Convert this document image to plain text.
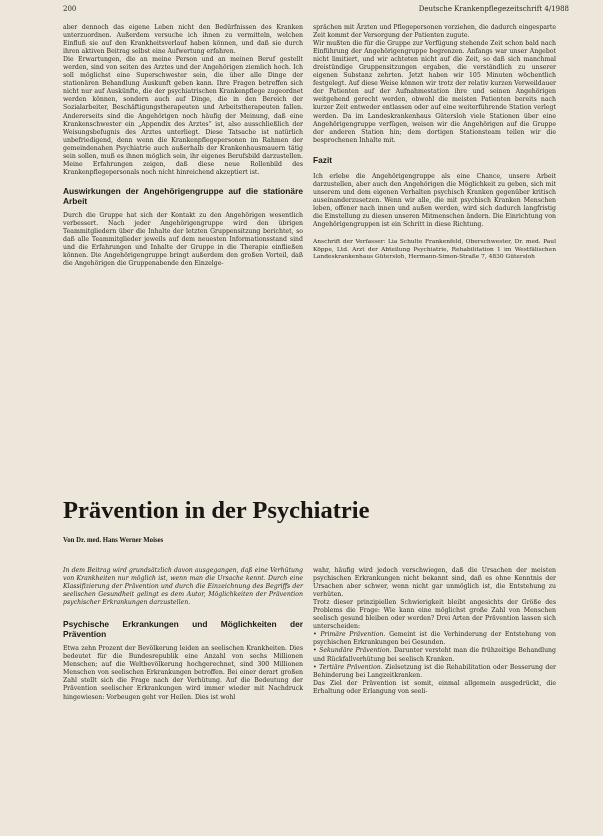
200	Deutsche Krankenpflegezeitschrift 4/1988

aber dennoch das eigene Leben nicht den Bedürfnissen des Kranken unterzuordnen. Außerdem versuche ich ihnen zu vermitteln, welchen Einfluß sie auf den Krankheitsverlauf haben können, und daß sie durch ihren aktiven Beitrag selbst eine Aufwertung erfahren.

Die Erwartungen, die an meine Person und an meinen Beruf gestellt werden, sind von seiten des Arztes und der Angehörigen ziemlich hoch. Ich soll möglichst eine Superschwester sein, die über alle Dinge der stationären Behandlung Auskunft geben kann. Ihre Fragen betreffen sich nicht nur auf Auskünfte, die der psychiatrischen Krankenpflege zugeordnet werden können, sondern auch auf Dinge, die in den Bereich der Sozialarbeiter, Beschäftigungstherapeuten und Arbeitstherapeuten fallen. Andererseits sind die Angehörigen noch häufig der Meinung, daß eine Krankenschwester ein „Appendix des Arztes“ ist, also ausschließlich der Weisungsbefugnis des Arztes unterliegt. Diese Tatsache ist natürlich unbefriedigend, denn wenn die Krankenpflegepersonen im Rahmen der gemeindenahen Psychiatrie auch außerhalb der Krankenhausmauern tätig sein sollen, muß es ihnen möglich sein, ihr eigenes Berufsbild darzustellen. Meine Erfahrungen zeigen, daß diese neue Rollenbild des Krankenpflegepersonals noch nicht hinreichend akzeptiert ist.

Auswirkungen der Angehörigengruppe auf die stationäre Arbeit

Durch die Gruppe hat sich der Kontakt zu den Angehörigen wesentlich verbessert. Nach jeder Angehörigengruppe wird den übrigen Teammitgliedern über die Inhalte der letzten Gruppensitzung berichtet, so daß alle Teammitglieder jeweils auf dem neuesten Informationsstand sind und die Erfahrungen und Inhalte der Gruppe in die Therapie einfließen können. Die Angehörigengruppe bringt außerdem den großen Vorteil, daß die Angehörigen die Gruppenabende den Einzelge-

sprächen mit Ärzten und Pflegepersonen vorziehen, die dadurch eingesparte Zeit kommt der Versorgung der Patienten zugute.

Wir mußten die für die Gruppe zur Verfügung stehende Zeit schon bald nach Einführung der Angehörigengruppe begrenzen. Anfangs war unser Angebot nicht limitiert, und wir achteten nicht auf die Zeit, so daß sich manchmal dreistündige Gruppensitzungen ergaben, die verständlich zu unserer eigenen Substanz zehrten. Jetzt haben wir 105 Minuten wöchentlich festgelegt. Auf diese Weise können wir trotz der relativ kurzen Verweildauer der Patienten auf der Aufnahmestation ihre und seinen Angehörigen weitgehend gerecht werden, obwohl die meisten Patienten bereits nach kurzer Zeit entweder entlassen oder auf eine weiterführende Station verlegt werden. Da im Landeskrankenhaus Gütersloh viele Stationen über eine Angehörigengruppe verfügen, weisen wir die Angehörigen auf die Gruppe der anderen Station hin; dem dortigen Stationsteam teilen wir die besprochenen Inhalte mit.

Fazit

Ich erlebe die Angehörigengruppe als eine Chance, unsere Arbeit darzustellen, aber auch den Angehörigen die Möglichkeit zu geben, sich mit unserem und dem eigenen Verhalten psychisch Kranken gegenüber kritisch auseinanderzusetzen. Wenn wir alle, die mit psychisch Kranken Menschen leben, offener nach innen und außen werden, wird sich dadurch langfristig die Einstellung zu diesen unseren Mitmenschen ändern. Die Einrichtung von Angehörigengruppen ist ein Schritt in diese Richtung.

Anschrift der Verfasser: Lia Schulte Frankenfeld, Oberschwester, Dr. med. Paul Köppe, Ltd. Arzt der Abteilung Psychiatrie, Rehabilitation 1 im Westfälischen Landeskrankenhaus Gütersloh, Hermann-Simon-Straße 7, 4830 Gütersloh

Prävention in der Psychiatrie
Von Dr. med. Hans Werner Moises

In dem Beitrag wird grundsätzlich davon ausgegangen, daß eine Verhütung von Krankheiten nur möglich ist, wenn man die Ursache kennt. Durch eine Klassifizierung der Prävention und durch die Einzeichnung des Begriffs der seelischen Gesundheit gelingt es dem Autor, Möglichkeiten der Prävention psychischer Erkrankungen darzustellen.

Psychische Erkrankungen und Möglichkeiten der Prävention

Etwa zehn Prozent der Bevölkerung leiden an seelischen Krankheiten. Dies bedeutet für die Bundesrepublik eine Anzahl von sechs Millionen Menschen; auf die Weltbevölkerung hochgerechnet, sind 300 Millionen Menschen von seelischen Erkrankungen betroffen. Bei einer derart großen Zahl stellt sich die Frage nach der Verhütung. Auf die Bedeutung der Prävention seelischer Erkrankungen wird immer wieder mit Nachdruck hingewiesen: Vorbeugen geht vor Heilen. Dies ist wohl

wahr, häufig wird jedoch verschwiegen, daß die Ursachen der meisten psychischen Erkrankungen nicht bekannt sind, daß es ohne Kenntnis der Ursachen aber schwer, wenn nicht gar unmöglich ist, die Entstehung zu verhüten.

Trotz dieser prinzipiellen Schwierigkeit bleibt angesichts der Größe des Problems die Frage: Wie kann eine möglichst große Zahl von Menschen seelisch gesund bleiben oder werden? Drei Arten der Prävention lassen sich unterscheiden:

• Primäre Prävention. Gemeint ist die Verhinderung der Entstehung von psychischen Erkrankungen bei Gesunden.

• Sekundäre Prävention. Darunter versteht man die frühzeitige Behandlung und Rückfallverhütung bei seelisch Kranken.

• Tertiäre Prävention. Zielsetzung ist die Rehabilitation oder Besserung der Behinderung bei Langzeitkranken.

Das Ziel der Prävention ist somit, einmal allgemein ausgedrückt, die Erhaltung oder Erlangung von seeli-
